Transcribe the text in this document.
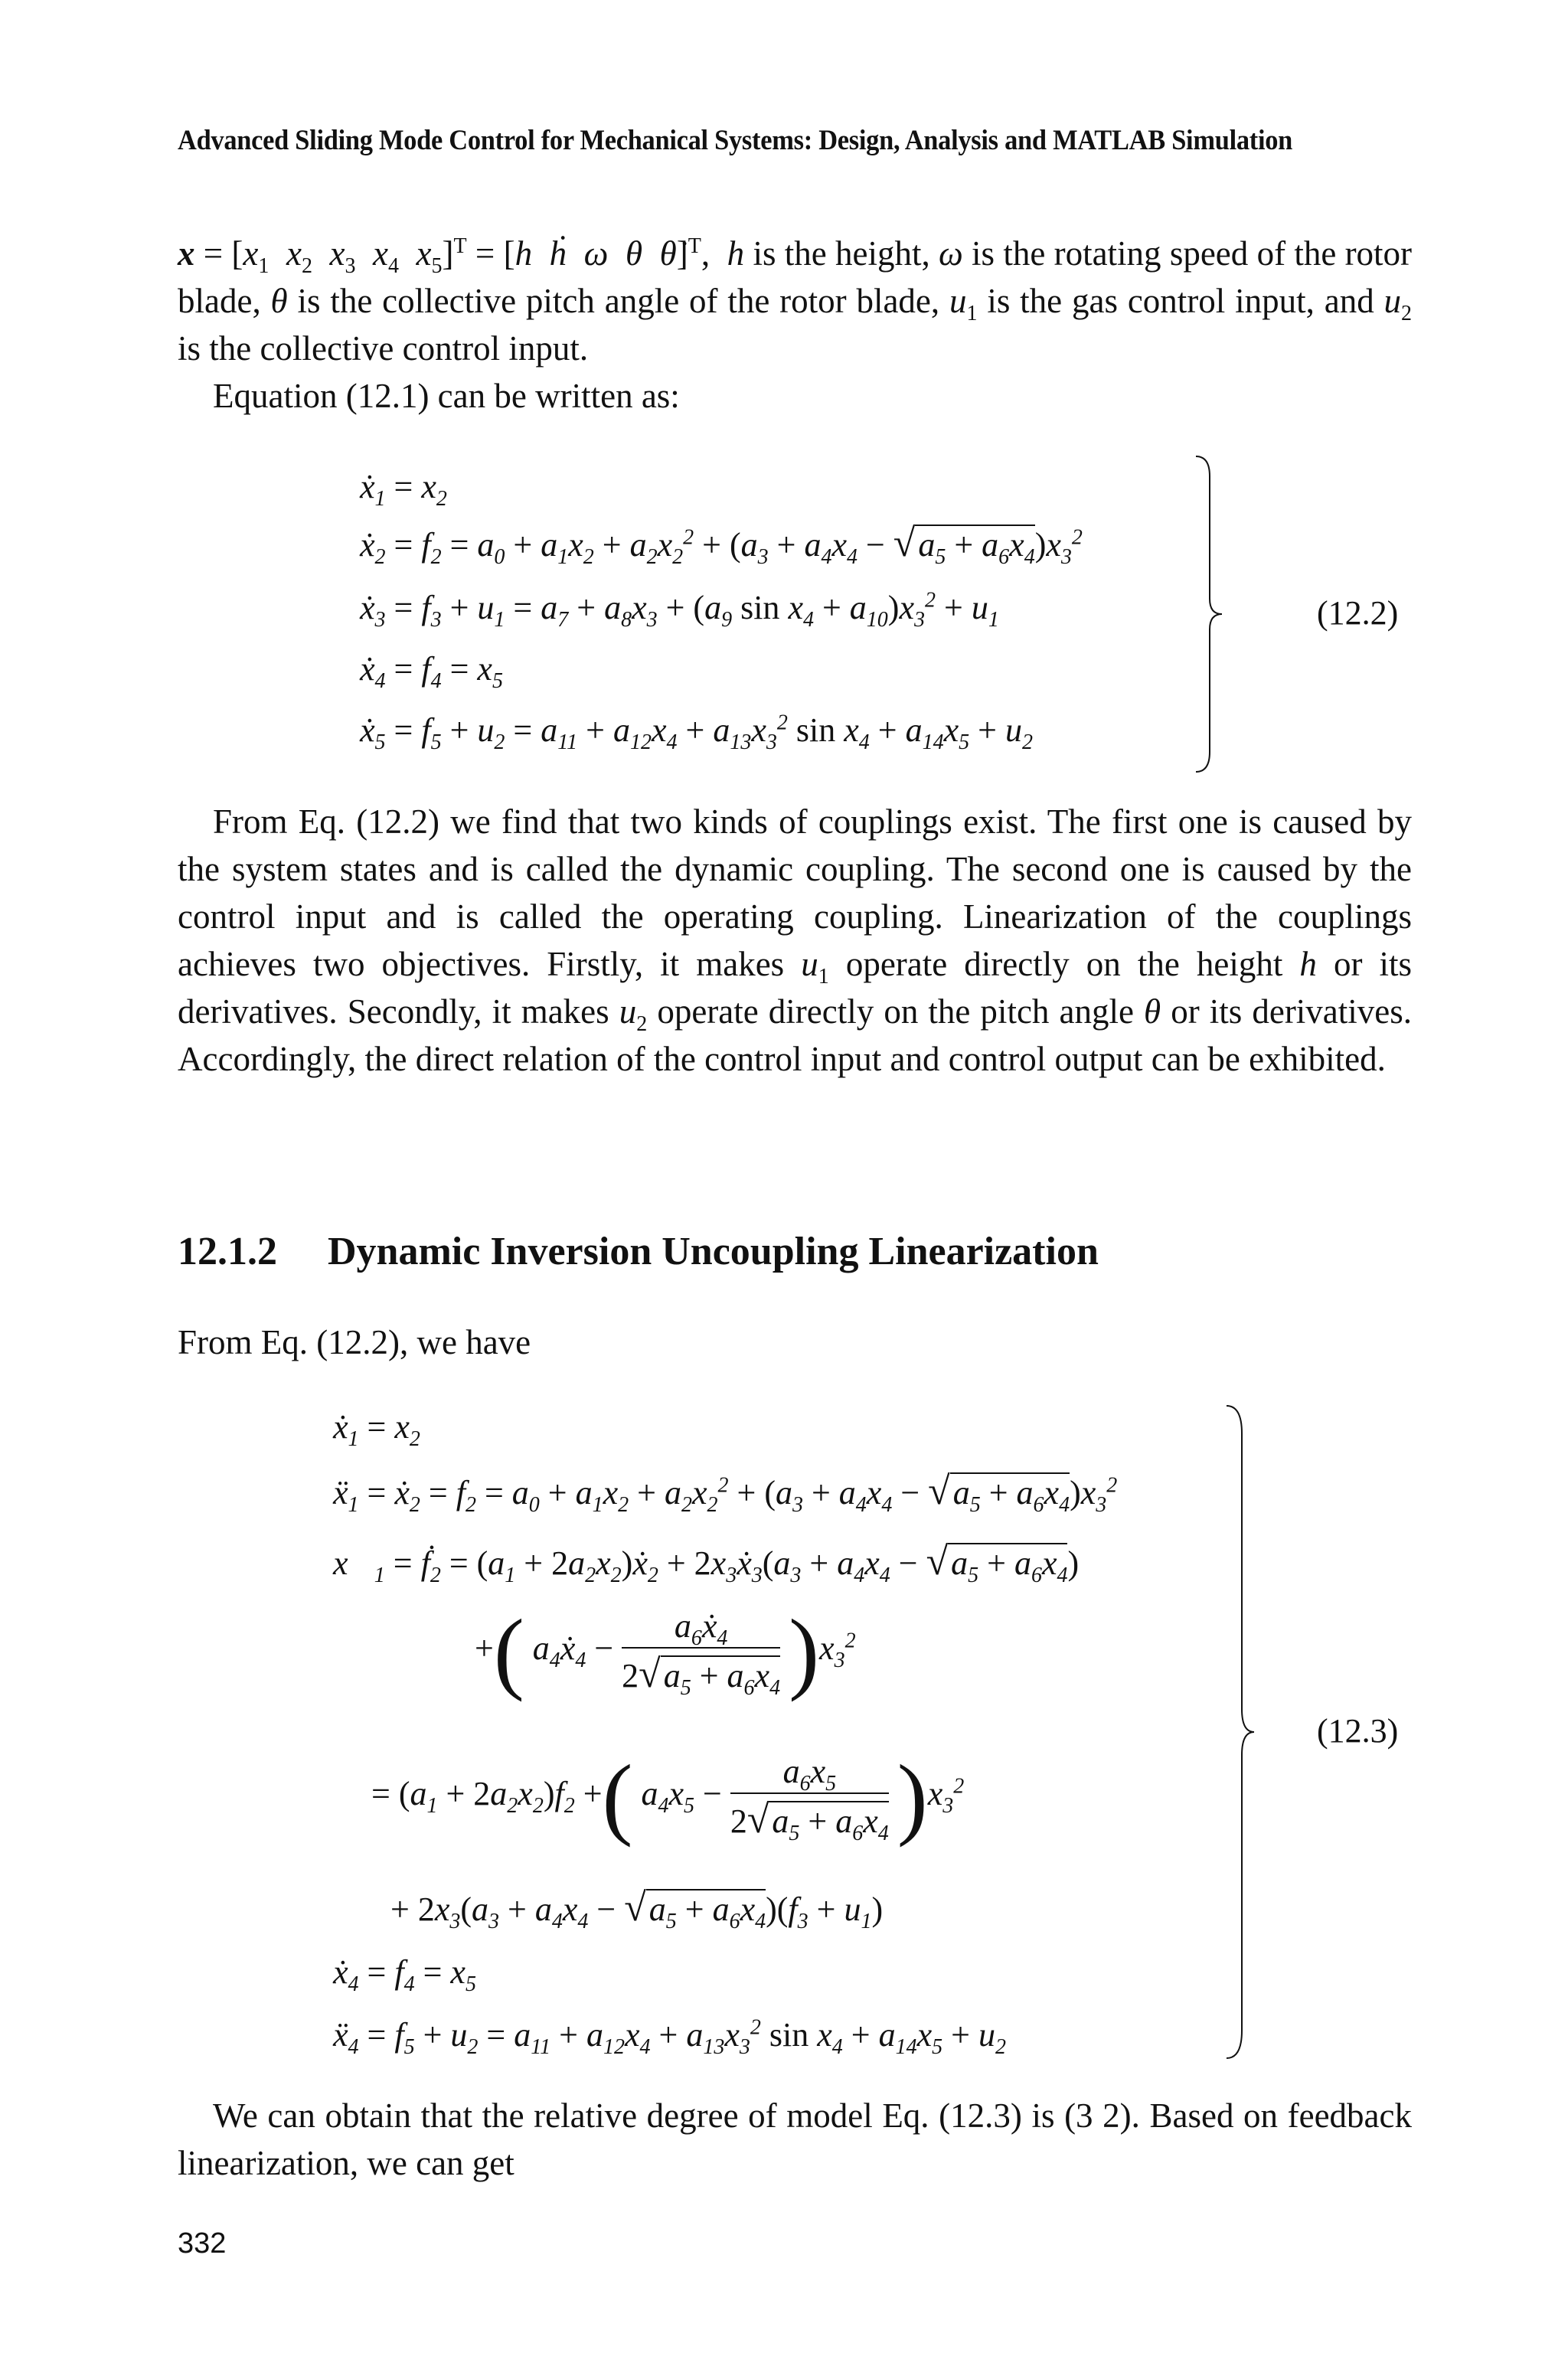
Advanced Sliding Mode Control for Mechanical Systems: Design, Analysis and MATLAB Simulation
$x = [x_1$ $x_2$ $x_3$ $x_4$ $x_5]^T = [h$ ḣ ω θ θ̇]$^T$,  h is the height, ω is the rotating speed of the rotor blade, θ is the collective pitch angle of the rotor blade, $u_1$ is the gas control input, and $u_2$ is the collective control input.
Equation (12.1) can be written as:
ẋ$_1$ = $x_2$
ẋ$_2$ = $f_2 = a_0 + a_1x_2 + a_2x_2^2 + (a_3 + a_4x_4 - √a_5 + a_6x_4)x_3^2$
ẋ$_3$ = $f_3 + u_1 = a_7 + a_8x_3 + (a_9$ $\sin x_4 + a_{10})x_3^2 + u_1$
ẋ$_4$ = $f_4 = x_5$
ẋ$_5$ = $f_5 + u_2 = a_{11} + a_{12}x_4 + a_{13}x_3^2$ $\sin x_4 + a_{14}x_5 + u_2$
(12.2)
From Eq. (12.2) we find that two kinds of couplings exist. The first one is caused by the system states and is called the dynamic coupling. The second one is caused by the control input and is called the operating coupling. Linearization of the couplings achieves two objectives. Firstly, it makes $u_1$ operate directly on the height h or its derivatives. Secondly, it makes $u_2$ operate directly on the pitch angle θ or its derivatives. Accordingly, the direct relation of the control input and control output can be exhibited.
12.1.2 Dynamic Inversion Uncoupling Linearization
From Eq. (12.2), we have
ẋ$_1$ = $x_2$
ẍ$_1$ = ẋ$_2$ = $f_2 = a_0 + a_1x_2 + a_2x_2^2 + (a_3 + a_4x_4 - √a_5 + a_6x_4)x_3^2$
$x⃛_1$ = ḟ$_2$ = ($a_1$ + $2a_2x_2)ẋ_2$ + $2x_3ẋ_3(a_3 + a_4x_4 - √a_5 + a_6x_4)$
+( $a_4ẋ_4 - \frac{a_6ẋ_4}{2√a_5 + a_6x_4} )x_3^2$
= $(a_1 + 2a_2x_2)f_2$ +( $a_4x_5 - \frac{a_6x_5}{2√a_5 + a_6x_4} )x_3^2$
+ $2x_3(a_3 + a_4x_4 - √a_5 + a_6x_4)(f_3 + u_1)$
ẋ$_4$ = $f_4 = x_5$
ẍ$_4$ = $f_5 + u_2 = a_{11} + a_{12}x_4 + a_{13}x_3^2$ $\sin x_4 + a_{14}x_5 + u_2$
(12.3)
We can obtain that the relative degree of model Eq. (12.3) is (3 2). Based on feedback linearization, we can get
332
